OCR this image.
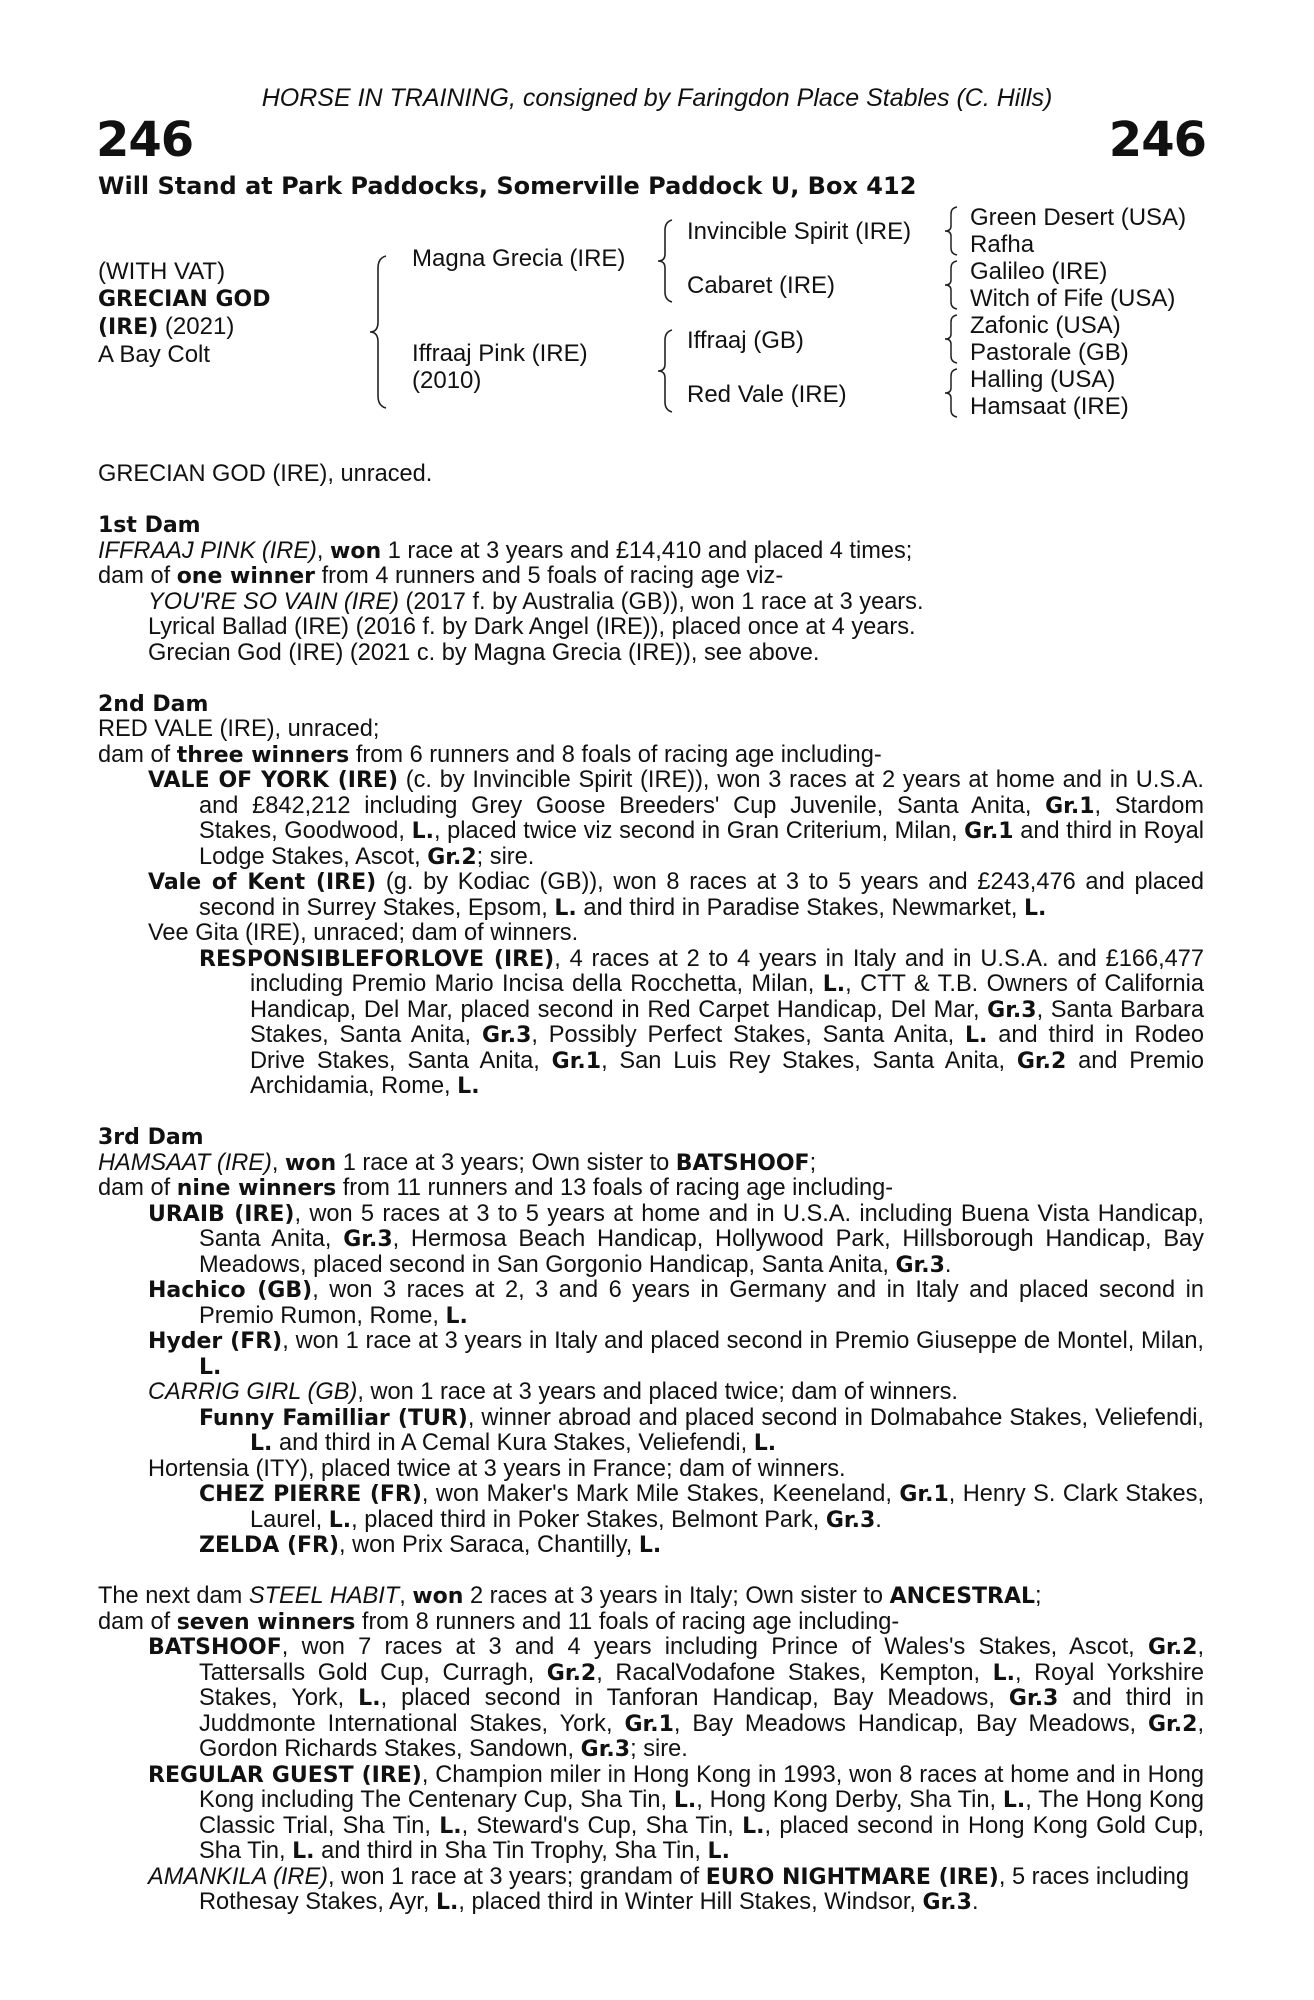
HORSE IN TRAINING, consigned by Faringdon Place Stables (C. Hills)
246	246
Will Stand at Park Paddocks, Somerville Paddock U, Box 412
(WITH VAT)
GRECIAN GOD
(IRE) (2021)
A Bay Colt
Magna Grecia (IRE)
Iffraaj Pink (IRE)
(2010)
Invincible Spirit (IRE)
Cabaret (IRE)
Iffraaj (GB)
Red Vale (IRE)
Green Desert (USA)
Rafha
Galileo (IRE)
Witch of Fife (USA)
Zafonic (USA)
Pastorale (GB)
Halling (USA)
Hamsaat (IRE)

GRECIAN GOD (IRE), unraced.

1st Dam

IFFRAAJ PINK (IRE), won 1 race at 3 years and £14,410 and placed 4 times;

dam of one winner from 4 runners and 5 foals of racing age viz-

YOU'RE SO VAIN (IRE) (2017 f. by Australia (GB)), won 1 race at 3 years.

Lyrical Ballad (IRE) (2016 f. by Dark Angel (IRE)), placed once at 4 years.

Grecian God (IRE) (2021 c. by Magna Grecia (IRE)), see above.

2nd Dam

RED VALE (IRE), unraced;

dam of three winners from 6 runners and 8 foals of racing age including-

VALE OF YORK (IRE) (c. by Invincible Spirit (IRE)), won 3 races at 2 years at home and in U.S.A. and £842,212 including Grey Goose Breeders' Cup Juvenile, Santa Anita, Gr.1, Stardom Stakes, Goodwood, L., placed twice viz second in Gran Criterium, Milan, Gr.1 and third in Royal Lodge Stakes, Ascot, Gr.2; sire.

Vale of Kent (IRE) (g. by Kodiac (GB)), won 8 races at 3 to 5 years and £243,476 and placed second in Surrey Stakes, Epsom, L. and third in Paradise Stakes, Newmarket, L.

Vee Gita (IRE), unraced; dam of winners.

RESPONSIBLEFORLOVE (IRE), 4 races at 2 to 4 years in Italy and in U.S.A. and £166,477 including Premio Mario Incisa della Rocchetta, Milan, L., CTT & T.B. Owners of California Handicap, Del Mar, placed second in Red Carpet Handicap, Del Mar, Gr.3, Santa Barbara Stakes, Santa Anita, Gr.3, Possibly Perfect Stakes, Santa Anita, L. and third in Rodeo Drive Stakes, Santa Anita, Gr.1, San Luis Rey Stakes, Santa Anita, Gr.2 and Premio Archidamia, Rome, L.

3rd Dam

HAMSAAT (IRE), won 1 race at 3 years; Own sister to BATSHOOF;

dam of nine winners from 11 runners and 13 foals of racing age including-

URAIB (IRE), won 5 races at 3 to 5 years at home and in U.S.A. including Buena Vista Handicap, Santa Anita, Gr.3, Hermosa Beach Handicap, Hollywood Park, Hillsborough Handicap, Bay Meadows, placed second in San Gorgonio Handicap, Santa Anita, Gr.3.

Hachico (GB), won 3 races at 2, 3 and 6 years in Germany and in Italy and placed second in Premio Rumon, Rome, L.

Hyder (FR), won 1 race at 3 years in Italy and placed second in Premio Giuseppe de Montel, Milan, L.

CARRIG GIRL (GB), won 1 race at 3 years and placed twice; dam of winners.

Funny Familliar (TUR), winner abroad and placed second in Dolmabahce Stakes, Veliefendi, L. and third in A Cemal Kura Stakes, Veliefendi, L.

Hortensia (ITY), placed twice at 3 years in France; dam of winners.

CHEZ PIERRE (FR), won Maker's Mark Mile Stakes, Keeneland, Gr.1, Henry S. Clark Stakes, Laurel, L., placed third in Poker Stakes, Belmont Park, Gr.3.

ZELDA (FR), won Prix Saraca, Chantilly, L.

The next dam STEEL HABIT, won 2 races at 3 years in Italy; Own sister to ANCESTRAL;

dam of seven winners from 8 runners and 11 foals of racing age including-

BATSHOOF, won 7 races at 3 and 4 years including Prince of Wales's Stakes, Ascot, Gr.2, Tattersalls Gold Cup, Curragh, Gr.2, RacalVodafone Stakes, Kempton, L., Royal Yorkshire Stakes, York, L., placed second in Tanforan Handicap, Bay Meadows, Gr.3 and third in Juddmonte International Stakes, York, Gr.1, Bay Meadows Handicap, Bay Meadows, Gr.2, Gordon Richards Stakes, Sandown, Gr.3; sire.

REGULAR GUEST (IRE), Champion miler in Hong Kong in 1993, won 8 races at home and in Hong Kong including The Centenary Cup, Sha Tin, L., Hong Kong Derby, Sha Tin, L., The Hong Kong Classic Trial, Sha Tin, L., Steward's Cup, Sha Tin, L., placed second in Hong Kong Gold Cup, Sha Tin, L. and third in Sha Tin Trophy, Sha Tin, L.

AMANKILA (IRE), won 1 race at 3 years; grandam of EURO NIGHTMARE (IRE), 5 races including Rothesay Stakes, Ayr, L., placed third in Winter Hill Stakes, Windsor, Gr.3.
